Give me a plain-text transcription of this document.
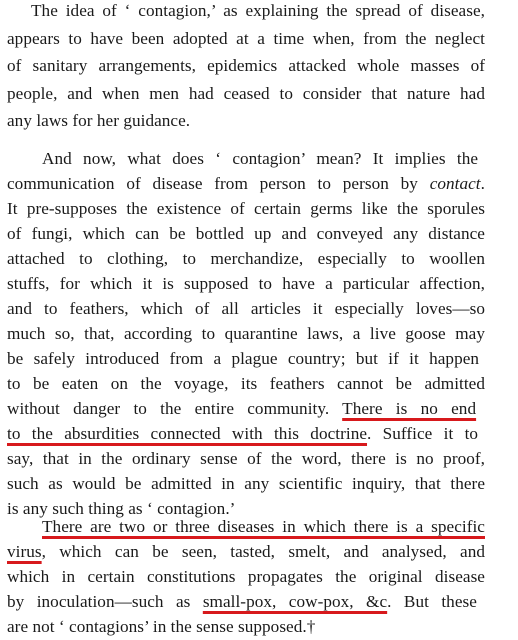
The idea of ‘ contagion,’ as explaining the spread of disease,
appears to have been adopted at a time when, from the neglect
of sanitary arrangements, epidemics attacked whole masses of
people, and when men had ceased to consider that nature had
any laws for her guidance.
And now, what does ‘ contagion’ mean? It implies the
communication of disease from person to person by contact.
It pre-supposes the existence of certain germs like the sporules
of fungi, which can be bottled up and conveyed any distance
attached to clothing, to merchandize, especially to woollen
stuffs, for which it is supposed to have a particular affection,
and to feathers, which of all articles it especially loves—so
much so, that, according to quarantine laws, a live goose may
be safely introduced from a plague country; but if it happen
to be eaten on the voyage, its feathers cannot be admitted
without danger to the entire community. There is no end
to the absurdities connected with this doctrine. Suffice it to
say, that in the ordinary sense of the word, there is no proof,
such as would be admitted in any scientific inquiry, that there
is any such thing as ‘ contagion.’
There are two or three diseases in which there is a specific
virus, which can be seen, tasted, smelt, and analysed, and
which in certain constitutions propagates the original disease
by inoculation—such as small-pox, cow-pox, &c. But these
are not ‘ contagions’ in the sense supposed.†
